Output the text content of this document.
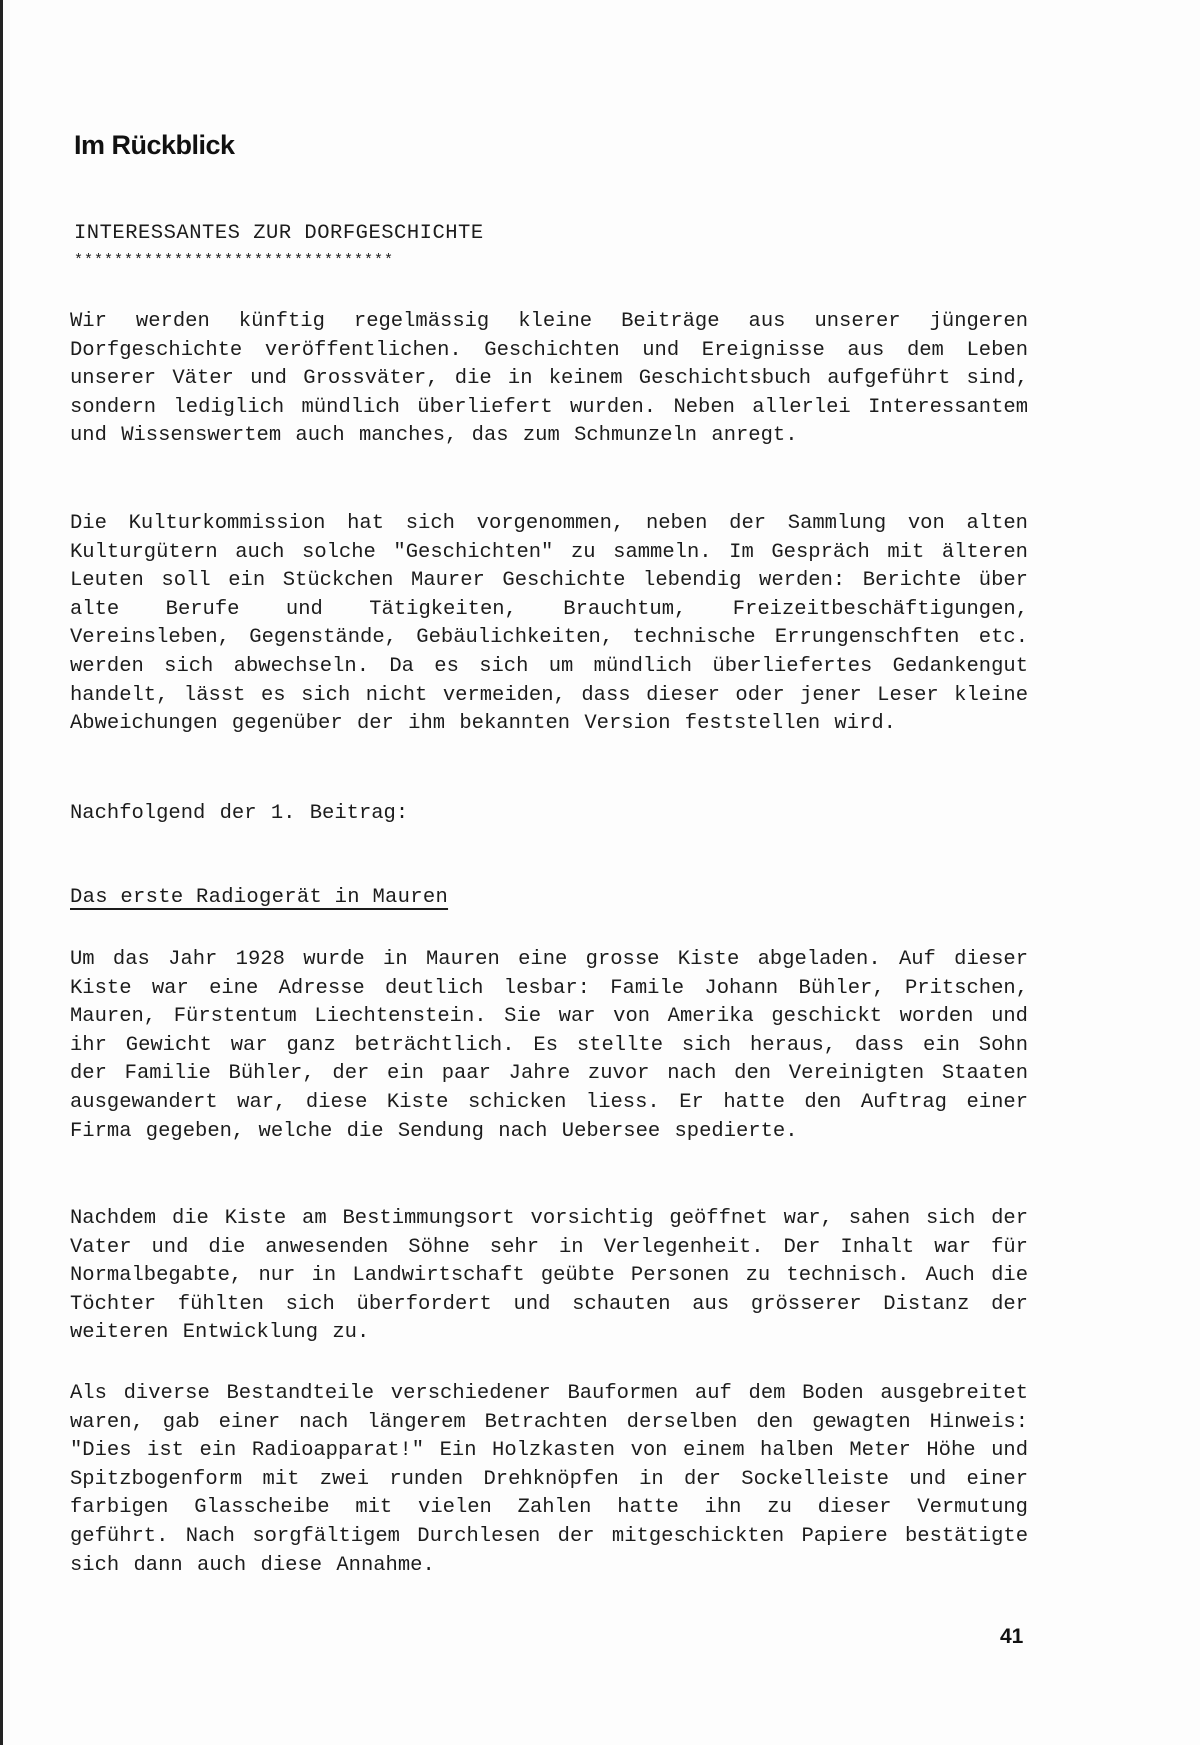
Im Rückblick
INTERESSANTES ZUR DORFGESCHICHTE
********************************

Wir werden künftig regelmässig kleine Beiträge aus unserer jüngeren Dorfgeschichte veröffentlichen. Geschichten und Ereignisse aus dem Leben unserer Väter und Grossväter, die in keinem Geschichtsbuch aufgeführt sind, sondern lediglich mündlich überliefert wurden. Neben allerlei Interessantem und Wissenswertem auch manches, das zum Schmunzeln anregt.

Die Kulturkommission hat sich vorgenommen, neben der Sammlung von alten Kulturgütern auch solche "Geschichten" zu sammeln. Im Gespräch mit älteren Leuten soll ein Stückchen Maurer Geschichte lebendig werden: Berichte über alte Berufe und Tätigkeiten, Brauchtum, Freizeitbeschäftigungen, Vereinsleben, Gegenstände, Gebäulichkeiten, technische Errungenschften etc. werden sich abwechseln. Da es sich um mündlich überliefertes Gedankengut handelt, lässt es sich nicht vermeiden, dass dieser oder jener Leser kleine Abweichungen gegenüber der ihm bekannten Version feststellen wird.

Nachfolgend der 1. Beitrag:

Das erste Radiogerät in Mauren

Um das Jahr 1928 wurde in Mauren eine grosse Kiste abgeladen. Auf dieser Kiste war eine Adresse deutlich lesbar: Famile Johann Bühler, Pritschen, Mauren, Fürstentum Liechtenstein. Sie war von Amerika geschickt worden und ihr Gewicht war ganz beträchtlich. Es stellte sich heraus, dass ein Sohn der Familie Bühler, der ein paar Jahre zuvor nach den Vereinigten Staaten ausgewandert war, diese Kiste schicken liess. Er hatte den Auftrag einer Firma gegeben, welche die Sendung nach Uebersee spedierte.

Nachdem die Kiste am Bestimmungsort vorsichtig geöffnet war, sahen sich der Vater und die anwesenden Söhne sehr in Verlegenheit. Der Inhalt war für Normalbegabte, nur in Landwirtschaft geübte Personen zu technisch. Auch die Töchter fühlten sich überfordert und schauten aus grösserer Distanz der weiteren Entwicklung zu.

Als diverse Bestandteile verschiedener Bauformen auf dem Boden ausgebreitet waren, gab einer nach längerem Betrachten derselben den gewagten Hinweis: "Dies ist ein Radioapparat!" Ein Holzkasten von einem halben Meter Höhe und Spitzbogenform mit zwei runden Drehknöpfen in der Sockelleiste und einer farbigen Glasscheibe mit vielen Zahlen hatte ihn zu dieser Vermutung geführt. Nach sorgfältigem Durchlesen der mitgeschickten Papiere bestätigte sich dann auch diese Annahme.

41
